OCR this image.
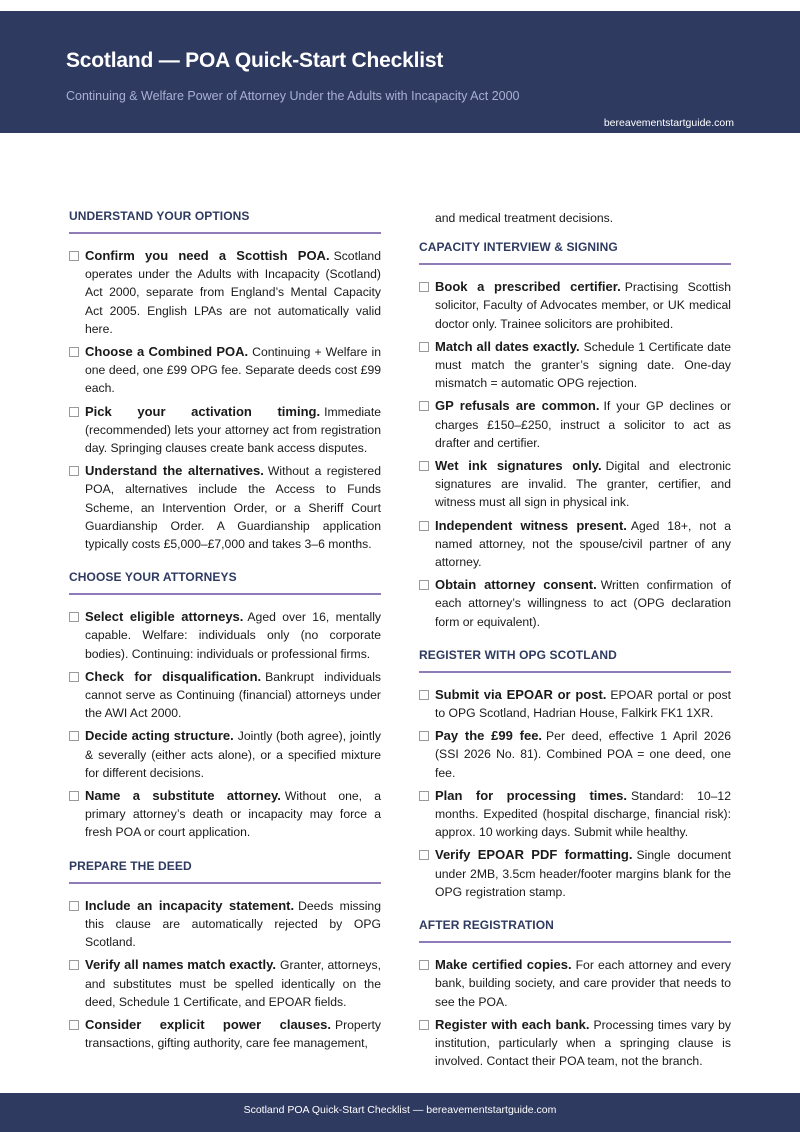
Scotland — POA Quick-Start Checklist
Continuing & Welfare Power of Attorney Under the Adults with Incapacity Act 2000
bereavementstartguide.com
UNDERSTAND YOUR OPTIONS
Confirm you need a Scottish POA. Scotland operates under the Adults with Incapacity (Scotland) Act 2000, separate from England’s Mental Capacity Act 2005. English LPAs are not automatically valid here.
Choose a Combined POA. Continuing + Welfare in one deed, one £99 OPG fee. Separate deeds cost £99 each.
Pick your activation timing. Immediate (recommended) lets your attorney act from registration day. Springing clauses create bank access disputes.
Understand the alternatives. Without a registered POA, alternatives include the Access to Funds Scheme, an Intervention Order, or a Sheriff Court Guardianship Order. A Guardianship application typically costs £5,000–£7,000 and takes 3–6 months.
CHOOSE YOUR ATTORNEYS
Select eligible attorneys. Aged over 16, mentally capable. Welfare: individuals only (no corporate bodies). Continuing: individuals or professional firms.
Check for disqualification. Bankrupt individuals cannot serve as Continuing (financial) attorneys under the AWI Act 2000.
Decide acting structure. Jointly (both agree), jointly & severally (either acts alone), or a specified mixture for different decisions.
Name a substitute attorney. Without one, a primary attorney’s death or incapacity may force a fresh POA or court application.
PREPARE THE DEED
Include an incapacity statement. Deeds missing this clause are automatically rejected by OPG Scotland.
Verify all names match exactly. Granter, attorneys, and substitutes must be spelled identically on the deed, Schedule 1 Certificate, and EPOAR fields.
Consider explicit power clauses. Property transactions, gifting authority, care fee management,
and medical treatment decisions.
CAPACITY INTERVIEW & SIGNING
Book a prescribed certifier. Practising Scottish solicitor, Faculty of Advocates member, or UK medical doctor only. Trainee solicitors are prohibited.
Match all dates exactly. Schedule 1 Certificate date must match the granter’s signing date. One-day mismatch = automatic OPG rejection.
GP refusals are common. If your GP declines or charges £150–£250, instruct a solicitor to act as drafter and certifier.
Wet ink signatures only. Digital and electronic signatures are invalid. The granter, certifier, and witness must all sign in physical ink.
Independent witness present. Aged 18+, not a named attorney, not the spouse/civil partner of any attorney.
Obtain attorney consent. Written confirmation of each attorney’s willingness to act (OPG declaration form or equivalent).
REGISTER WITH OPG SCOTLAND
Submit via EPOAR or post. EPOAR portal or post to OPG Scotland, Hadrian House, Falkirk FK1 1XR.
Pay the £99 fee. Per deed, effective 1 April 2026 (SSI 2026 No. 81). Combined POA = one deed, one fee.
Plan for processing times. Standard: 10–12 months. Expedited (hospital discharge, financial risk): approx. 10 working days. Submit while healthy.
Verify EPOAR PDF formatting. Single document under 2MB, 3.5cm header/footer margins blank for the OPG registration stamp.
AFTER REGISTRATION
Make certified copies. For each attorney and every bank, building society, and care provider that needs to see the POA.
Register with each bank. Processing times vary by institution, particularly when a springing clause is involved. Contact their POA team, not the branch.
Scotland POA Quick-Start Checklist — bereavementstartguide.com
